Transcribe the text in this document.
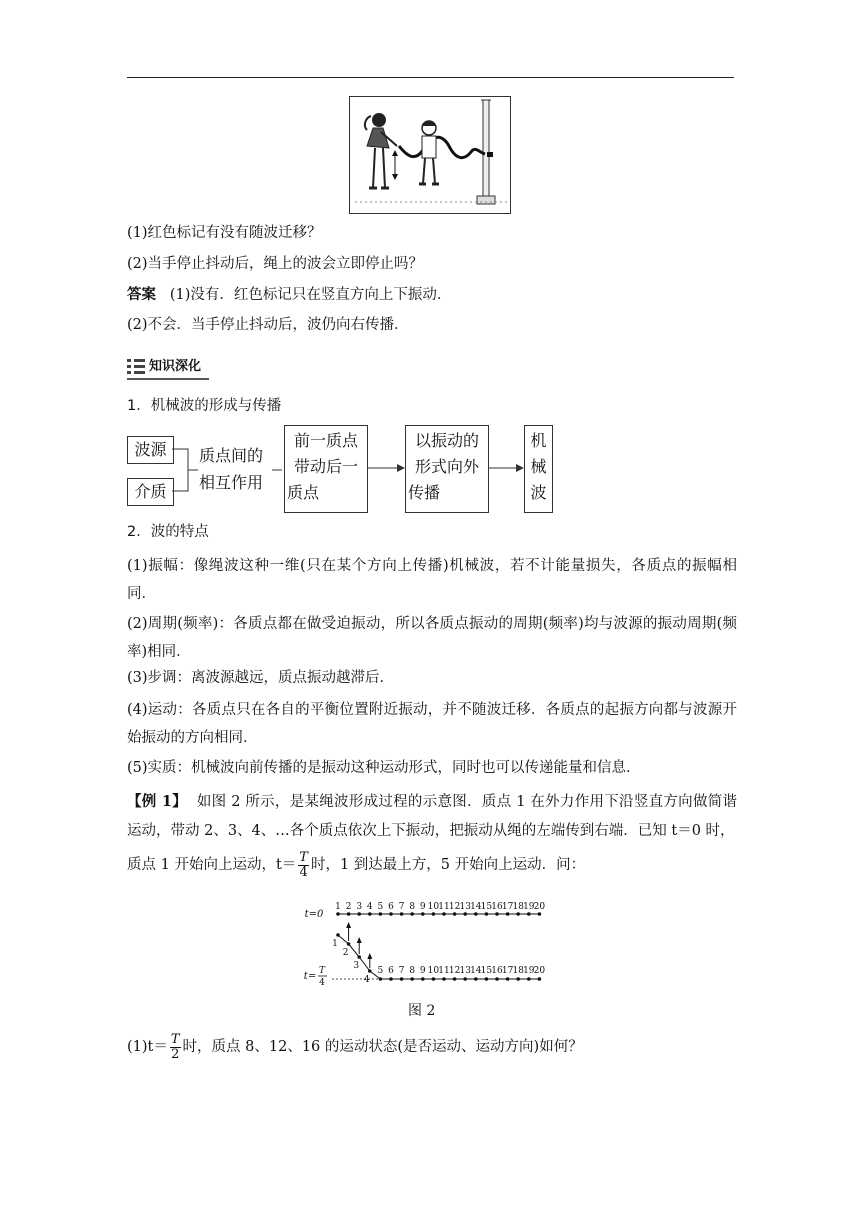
(1)红色标记有没有随波迁移？
(2)当手停止抖动后，绳上的波会立即停止吗？
答案 (1)没有．红色标记只在竖直方向上下振动．
(2)不会．当手停止抖动后，波仍向右传播．
知识深化
1．机械波的形成与传播
波源
介质
质点间的
相互作用
前一质点
带动后一
质点
以振动的
形式向外
传播
机
械
波
2．波的特点
(1)振幅：像绳波这种一维(只在某个方向上传播)机械波，若不计能量损失，各质点的振幅相同．
(2)周期(频率)：各质点都在做受迫振动，所以各质点振动的周期(频率)均与波源的振动周期(频率)相同．
(3)步调：离波源越远，质点振动越滞后．
(4)运动：各质点只在各自的平衡位置附近振动，并不随波迁移．各质点的起振方向都与波源开始振动的方向相同．
(5)实质：机械波向前传播的是振动这种运动形式，同时也可以传递能量和信息．
【例 1】 如图 2 所示，是某绳波形成过程的示意图．质点 1 在外力作用下沿竖直方向做简谐运动，带动 2、3、4、…各个质点依次上下振动，把振动从绳的左端传到右端．已知 t＝0 时，
质点 1 开始向上运动，$t= \frac{T}{4}$ 时，1 到达最上方，5 开始向上运动．问：
t=0
1 2 3 4 5 6 7 8 9 10 11 12 13 14 15 16 17 18 19 20
t= T
4
1
2
3
4
5 6 7 8 9 10 11 12 13 14 15 16 17 18 19 20
图 2
$(1)t= \frac{T}{2}$ 时，质点 8、12、16 的运动状态(是否运动、运动方向)如何？
